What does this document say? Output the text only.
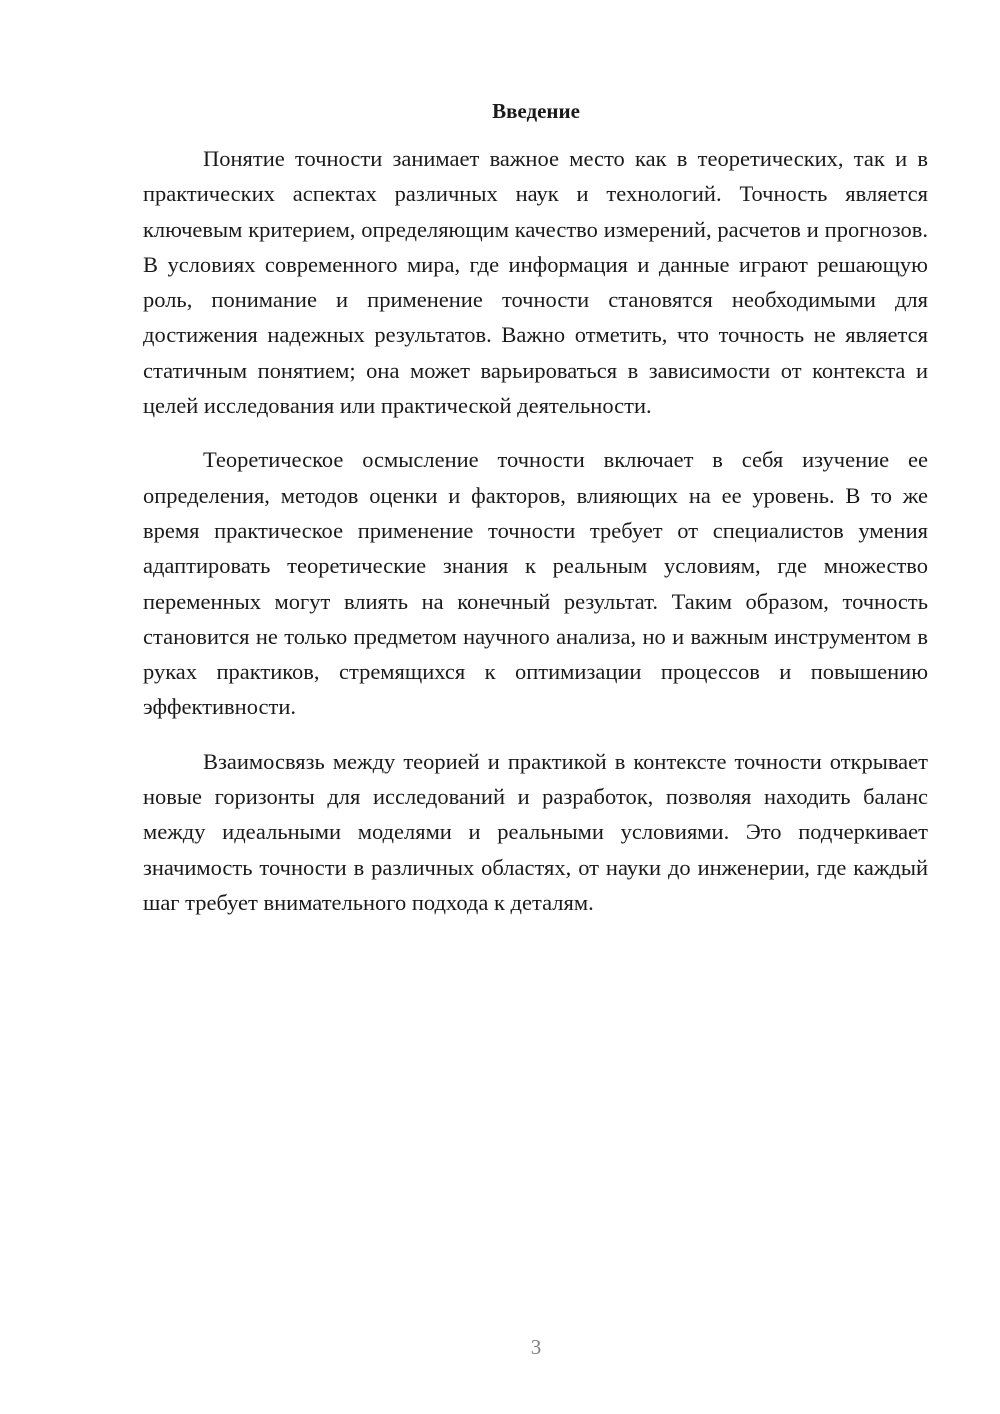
Введение

Понятие точности занимает важное место как в теоретических, так и в практических аспектах различных наук и технологий. Точность является ключевым критерием, определяющим качество измерений, расчетов и прогнозов. В условиях современного мира, где информация и данные играют решающую роль, понимание и применение точности становятся необходимыми для достижения надежных результатов. Важно отметить, что точность не является статичным понятием; она может варьироваться в зависимости от контекста и целей исследования или практической деятельности.

Теоретическое осмысление точности включает в себя изучение ее определения, методов оценки и факторов, влияющих на ее уровень. В то же время практическое применение точности требует от специалистов умения адаптировать теоретические знания к реальным условиям, где множество переменных могут влиять на конечный результат. Таким образом, точность становится не только предметом научного анализа, но и важным инструментом в руках практиков, стремящихся к оптимизации процессов и повышению эффективности.

Взаимосвязь между теорией и практикой в контексте точности открывает новые горизонты для исследований и разработок, позволяя находить баланс между идеальными моделями и реальными условиями. Это подчеркивает значимость точности в различных областях, от науки до инженерии, где каждый шаг требует внимательного подхода к деталям.

3
